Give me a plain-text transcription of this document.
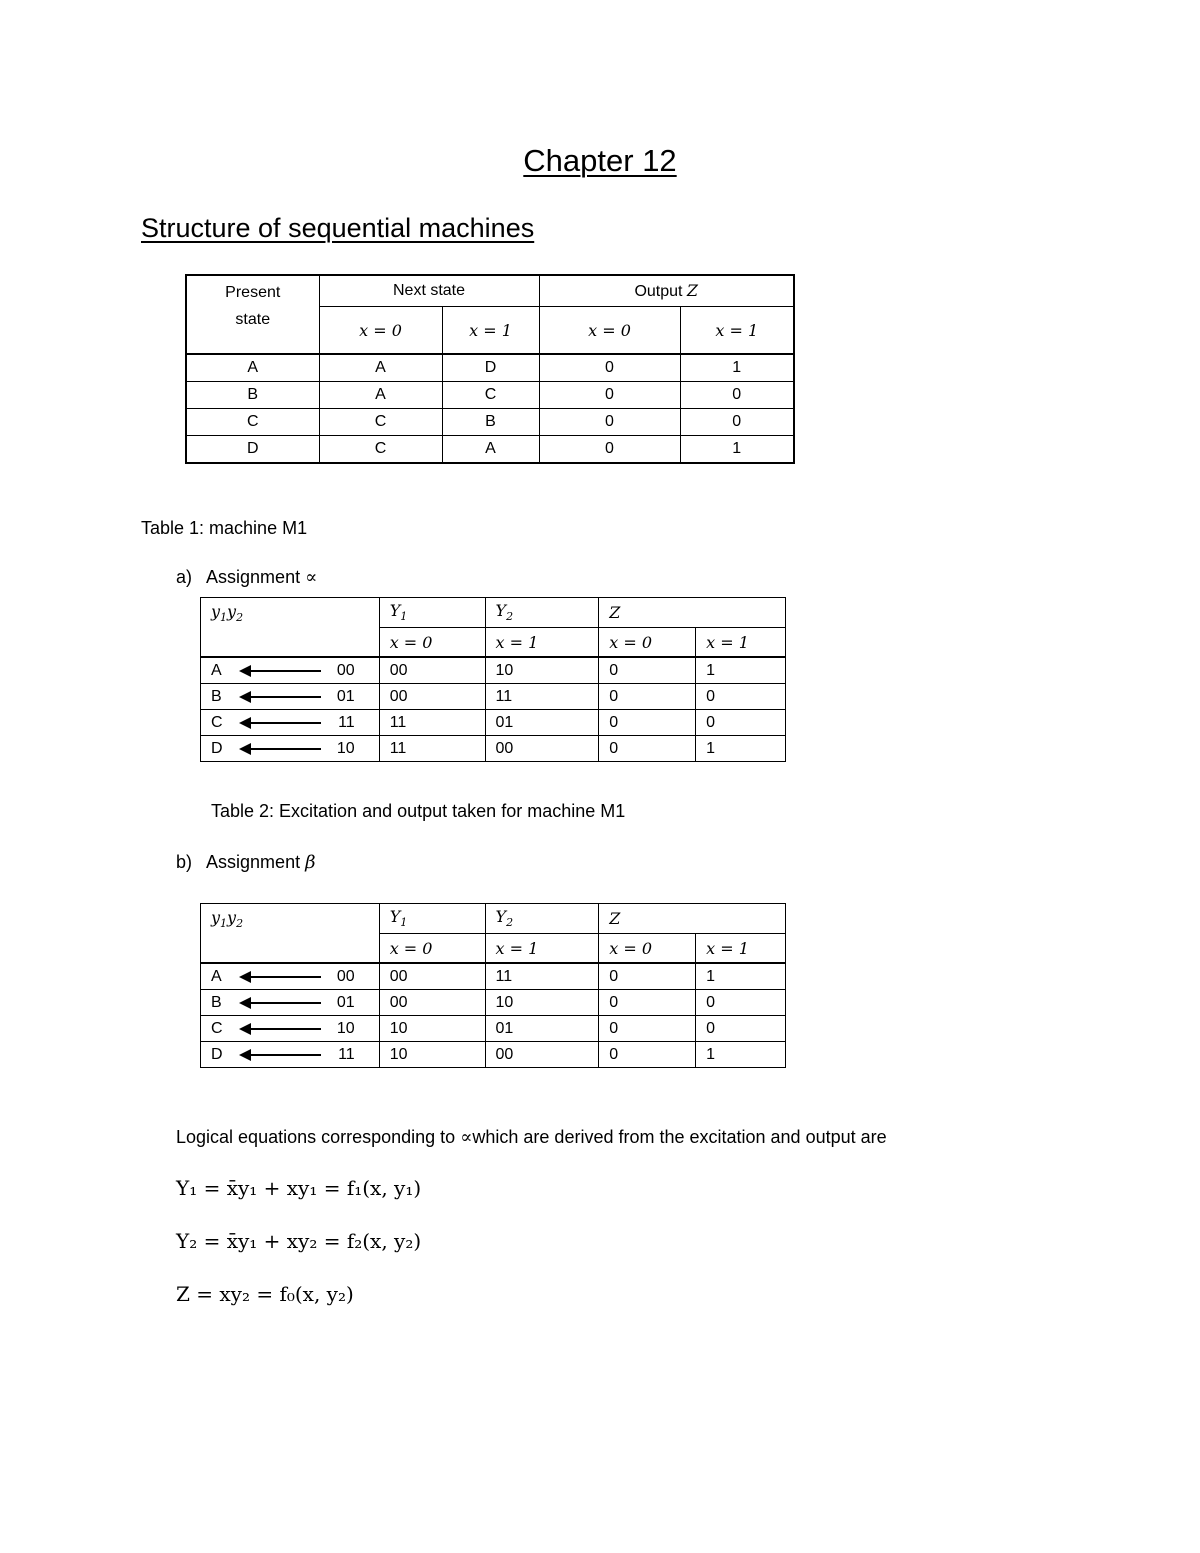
Chapter 12
Structure of sequential machines
Present
state	Next state		Output Z	
	x = 0	x = 1	x = 0	x = 1
A	A	D	0	1
B	A	C	0	0
C	C	B	0	0
D	C	A	0	1
Table 1: machine M1
a) Assignment ∝
$y_1y_2$	$Y_1$	$Y_2$	Z	
	x = 0	x = 1	x = 0	x = 1
A 00	00	10	0	1
B 01	00	11	0	0
C 11	11	01	0	0
D 10	11	00	0	1
Table 2: Excitation and output taken for machine M1
b) Assignment β
$y_1y_2$	$Y_1$	$Y_2$	Z	
	x = 0	x = 1	x = 0	x = 1
A 00	00	11	0	1
B 01	00	10	0	0
C 10	10	01	0	0
D 11	10	00	0	1
Logical equations corresponding to ∝which are derived from the excitation and output are
Y₁ = x̄y₁ + xy₁ = f₁(x, y₁)
Y₂ = x̄y₁ + xy₂ = f₂(x, y₂)
Z = xy₂ = f₀(x, y₂)
